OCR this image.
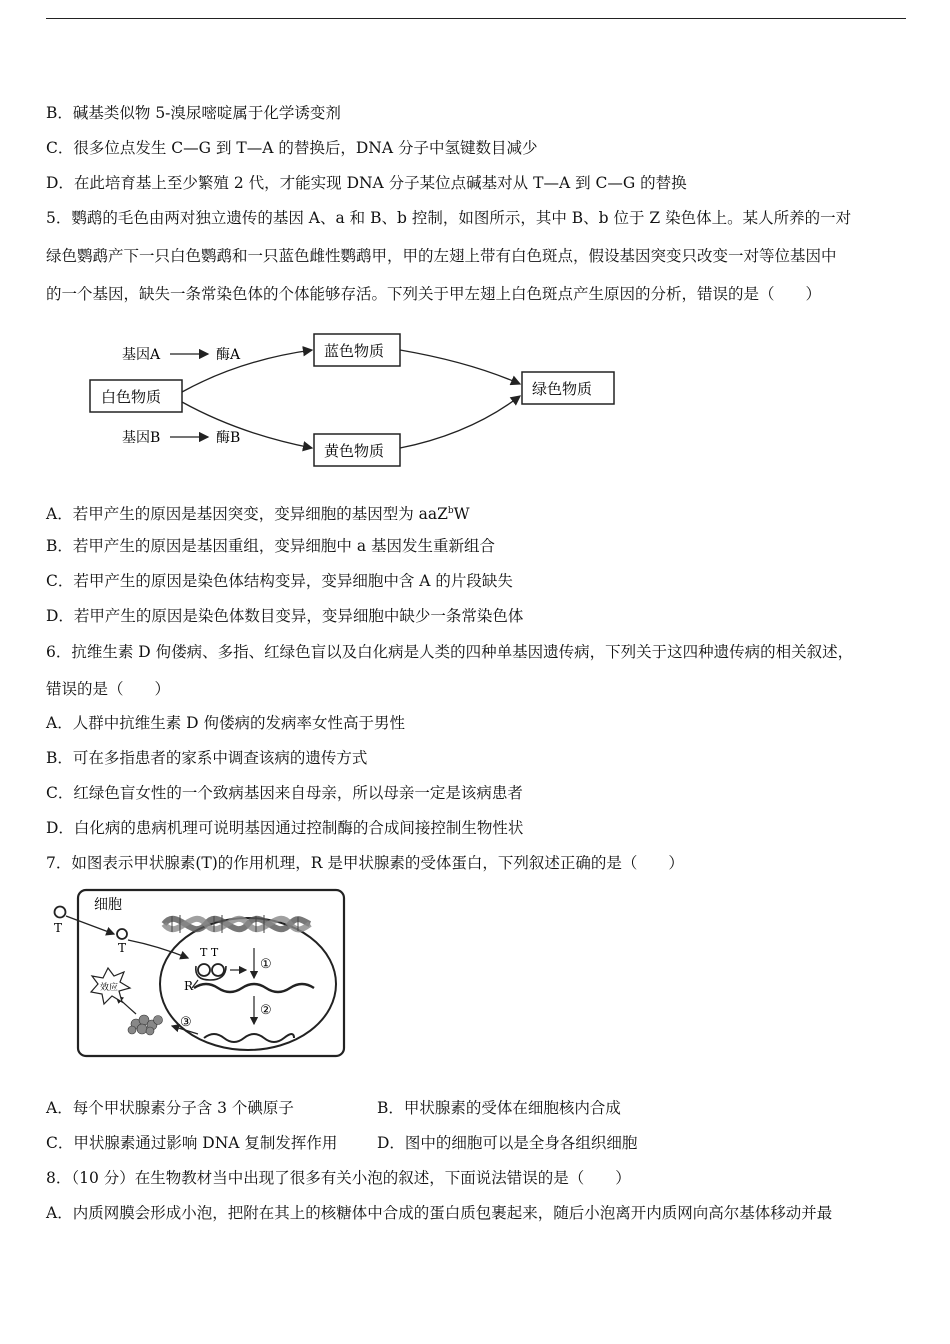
B．碱基类似物 5-溴尿嘧啶属于化学诱变剂
C．很多位点发生 C—G 到 T—A 的替换后，DNA 分子中氢键数目减少
D．在此培育基上至少繁殖 2 代，才能实现 DNA 分子某位点碱基对从 T—A 到 C—G 的替换
5．鹦鹉的毛色由两对独立遗传的基因 A、a 和 B、b 控制，如图所示，其中 B、b 位于 Z 染色体上。某人所养的一对
绿色鹦鹉产下一只白色鹦鹉和一只蓝色雌性鹦鹉甲，甲的左翅上带有白色斑点，假设基因突变只改变一对等位基因中
的一个基因，缺失一条常染色体的个体能够存活。下列关于甲左翅上白色斑点产生原因的分析，错误的是（　　）
基因A	酶A
白色物质
蓝色物质
黄色物质
绿色物质
基因B	酶B
A．若甲产生的原因是基因突变，变异细胞的基因型为 aaZ$^b$W
B．若甲产生的原因是基因重组，变异细胞中 a 基因发生重新组合
C．若甲产生的原因是染色体结构变异，变异细胞中含 A 的片段缺失
D．若甲产生的原因是染色体数目变异，变异细胞中缺少一条常染色体
6．抗维生素 D 佝偻病、多指、红绿色盲以及白化病是人类的四种单基因遗传病，下列关于这四种遗传病的相关叙述，
错误的是（　　）
A．人群中抗维生素 D 佝偻病的发病率女性高于男性
B．可在多指患者的家系中调查该病的遗传方式
C．红绿色盲女性的一个致病基因来自母亲，所以母亲一定是该病患者
D．白化病的患病机理可说明基因通过控制酶的合成间接控制生物性状
7．如图表示甲状腺素(T)的作用机理，R 是甲状腺素的受体蛋白，下列叙述正确的是（　　）
细胞
T
T	T T
R
①
②
③
效应
A．每个甲状腺素分子含 3 个碘原子	B．甲状腺素的受体在细胞核内合成
C．甲状腺素通过影响 DNA 复制发挥作用	D．图中的细胞可以是全身各组织细胞
8．（10 分）在生物教材当中出现了很多有关小泡的叙述，下面说法错误的是（　　）
A．内质网膜会形成小泡，把附在其上的核糖体中合成的蛋白质包裹起来，随后小泡离开内质网向高尔基体移动并最
